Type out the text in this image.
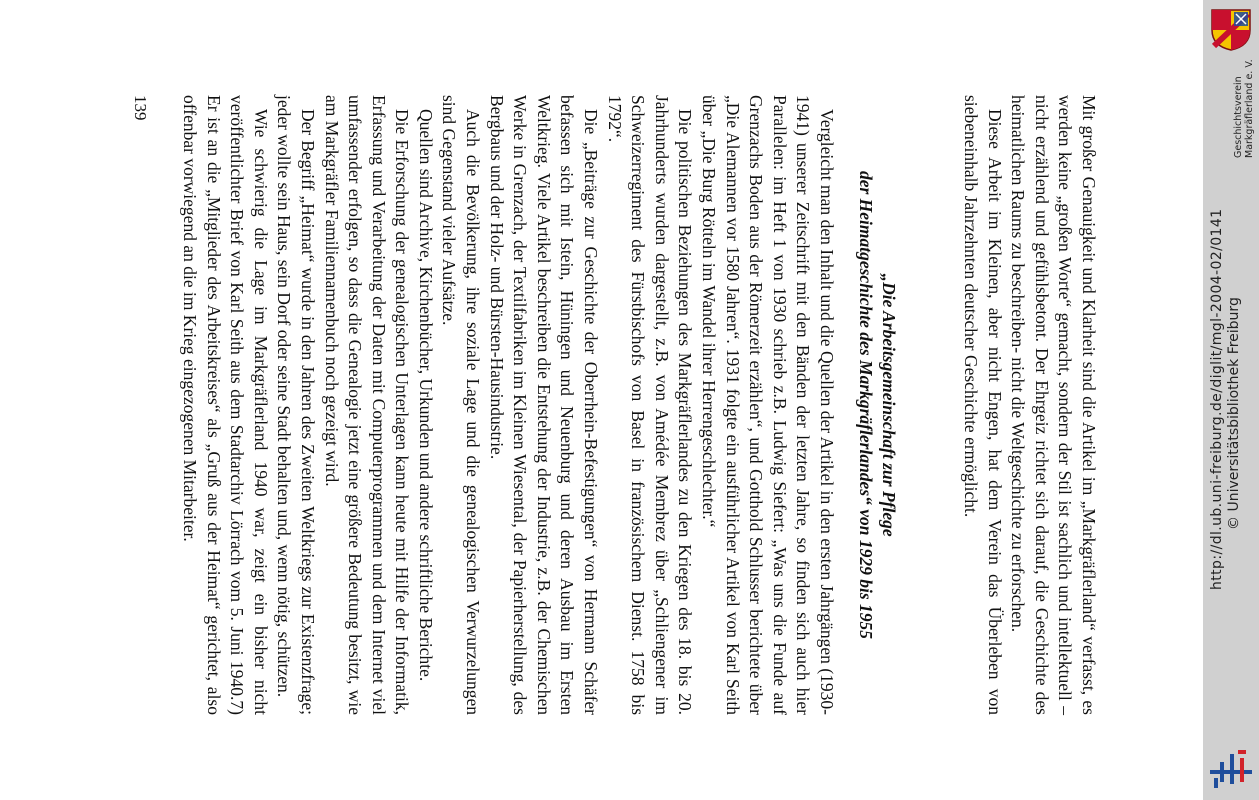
Mit großer Genauigkeit und Klarheit sind die Artikel im „Markgräflerland“ verfasst, es werden keine „großen Worte“ gemacht, sondern der Stil ist sachlich und intellektuell – nicht erzählend und gefühlsbetont. Der Ehrgeiz richtet sich darauf, die Geschichte des heimatlichen Raums zu beschreiben- nicht die Weltgeschichte zu erforschen.

Diese Arbeit im Kleinen, aber nicht Engen, hat dem Verein das Überleben von siebeneinhalb Jahrzehnten deutscher Geschichte ermöglicht.

„Die Arbeitsgemeinschaft zur Pflege
der Heimatgeschichte des Markgräflerlandes“ von 1929 bis 1955

Vergleicht man den Inhalt und die Quellen der Artikel in den ersten Jahrgängen (1930-1941) unserer Zeitschrift mit den Bänden der letzten Jahre, so finden sich auch hier Parallelen: im Heft 1 von 1930 schrieb z.B. Ludwig Siefert: „Was uns die Funde auf Grenzachs Boden aus der Römerzeit erzählen“, und Gotthold Schlusser berichtete über „Die Alemannen vor 1580 Jahren“. 1931 folgte ein ausführlicher Artikel von Karl Seith über „Die Burg Rötteln im Wandel ihrer Herrengeschlechter.“

Die politischen Beziehungen des Markgräflerlandes zu den Kriegen des 18. bis 20. Jahrhunderts wurden dargestellt, z.B. von Amédée Membrez über „Schliengener im Schweizerregiment des Fürstbischofs von Basel in französischem Dienst. 1758 bis 1792“.

Die „Beiträge zur Geschichte der Oberrhein-Befestigungen“ von Hermann Schäfer befassen sich mit Istein, Hüningen und Neuenburg und deren Ausbau im Ersten Weltkrieg. Viele Artikel beschreiben die Entstehung der Industrie, z.B. der Chemischen Werke in Grenzach, der Textilfabriken im Kleinen Wiesental, der Papierherstellung, des Bergbaus und der Holz- und Bürsten-Hausindustrie.

Auch die Bevölkerung, ihre soziale Lage und die genealogischen Verwurzelungen sind Gegenstand vieler Aufsätze.

Quellen sind Archive, Kirchenbücher, Urkunden und andere schriftliche Berichte.

Die Erforschung der genealogischen Unterlagen kann heute mit Hilfe der Informatik, Erfassung und Verarbeitung der Daten mit Computerprogrammen und dem Internet viel umfassender erfolgen, so dass die Genealogie jetzt eine größere Bedeutung besitzt, wie am Markgräfler Familiennamenbuch noch gezeigt wird.

Der Begriff „Heimat“ wurde in den Jahren des Zweiten Weltkriegs zur Existenzfrage; jeder wollte sein Haus, sein Dorf oder seine Stadt behalten und, wenn nötig, schützen.

Wie schwierig die Lage im Markgräflerland 1940 war, zeigt ein bisher nicht veröffentlichter Brief von Karl Seith aus dem Stadtarchiv Lörrach vom 5. Juni 1940.7) Er ist an die „Mitglieder des Arbeitskreises“ als „Gruß aus der Heimat“ gerichtet, also offenbar vorwiegend an die im Krieg eingezogenen Mitarbeiter.

139
http://dl.ub.uni-freiburg.de/diglit/mgl-2004-02/0141 © Universitätsbibliothek Freiburg
Geschichtsverein Markgräflerland e. V.
